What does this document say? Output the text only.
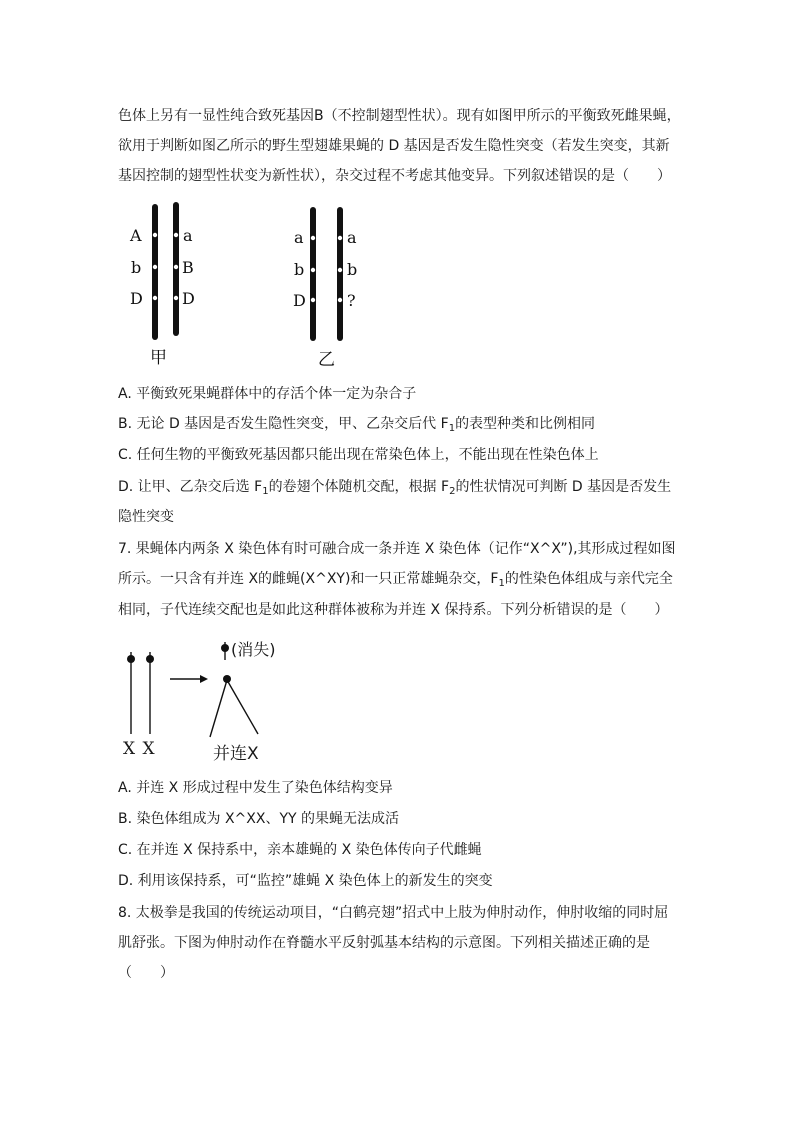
色体上另有一显性纯合致死基因B（不控制翅型性状）。现有如图甲所示的平衡致死雌果蝇，
欲用于判断如图乙所示的野生型翅雄果蝇的 D 基因是否发生隐性突变（若发生突变，其新
基因控制的翅型性状变为新性状），杂交过程不考虑其他变异。下列叙述错误的是（　　）
A
b
D
a
B
D
甲
a
b
D
a
b
?
乙
A. 平衡致死果蝇群体中的存活个体一定为杂合子
B. 无论 D 基因是否发生隐性突变，甲、乙杂交后代 $F_1$的表型种类和比例相同
C. 任何生物的平衡致死基因都只能出现在常染色体上，不能出现在性染色体上
D. 让甲、乙杂交后选 $F_1$的卷翅个体随机交配，根据 $F_2$的性状情况可判断 D 基因是否发生
隐性突变
7. 果蝇体内两条 X 染色体有时可融合成一条并连 X 染色体（记作“X^X”),其形成过程如图
所示。一只含有并连 X的雌蝇(X^XY)和一只正常雄蝇杂交，$F_1$的性染色体组成与亲代完全
相同，子代连续交配也是如此这种群体被称为并连 X 保持系。下列分析错误的是（　　）
X X
(消失)
并连X
A. 并连 X 形成过程中发生了染色体结构变异
B. 染色体组成为 X^XX、YY 的果蝇无法成活
C. 在并连 X 保持系中，亲本雄蝇的 X 染色体传向子代雌蝇
D. 利用该保持系，可“监控”雄蝇 X 染色体上的新发生的突变
8. 太极拳是我国的传统运动项目，“白鹤亮翅”招式中上肢为伸肘动作，伸肘收缩的同时屈
肌舒张。下图为伸肘动作在脊髓水平反射弧基本结构的示意图。下列相关描述正确的是
（　　）
